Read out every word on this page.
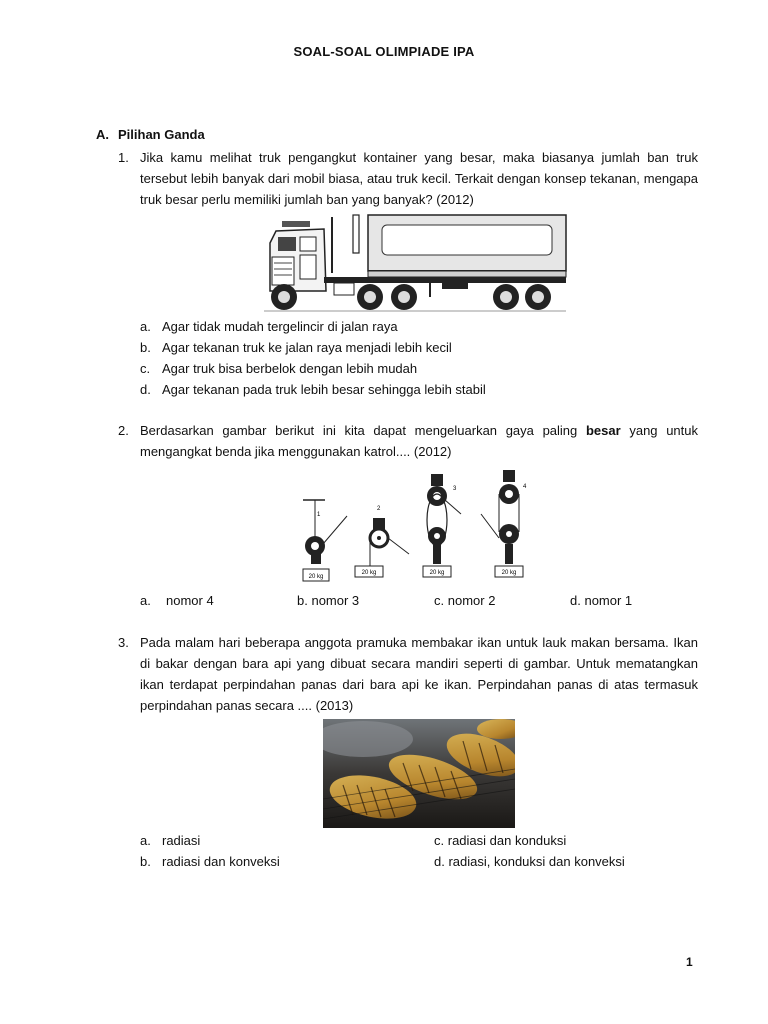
SOAL-SOAL OLIMPIADE IPA
A. Pilihan Ganda
1. Jika kamu melihat truk pengangkut kontainer yang besar, maka biasanya jumlah ban truk tersebut lebih banyak dari mobil biasa, atau truk kecil. Terkait dengan konsep tekanan, mengapa truk besar perlu memiliki jumlah ban yang banyak? (2012)
a. Agar tidak mudah tergelincir di jalan raya
b. Agar tekanan truk ke jalan raya menjadi lebih kecil
c. Agar truk bisa berbelok dengan lebih mudah
d. Agar tekanan pada truk lebih besar sehingga lebih stabil
2. Berdasarkan gambar berikut ini kita dapat mengeluarkan gaya paling besar yang untuk mengangkat benda jika menggunakan katrol.... (2012)
20 kg
1
20 kg
2
20 kg
3
20 kg
4
a. nomor 4	b. nomor 3	c. nomor 2	d. nomor 1
3. Pada malam hari beberapa anggota pramuka membakar ikan untuk lauk makan bersama. Ikan di bakar dengan bara api yang dibuat secara mandiri seperti di gambar. Untuk mematangkan ikan terdapat perpindahan panas dari bara api ke ikan. Perpindahan panas di atas termasuk perpindahan panas secara .... (2013)
a. radiasi	c. radiasi dan konduksi
b. radiasi dan konveksi	d. radiasi, konduksi dan konveksi
1
